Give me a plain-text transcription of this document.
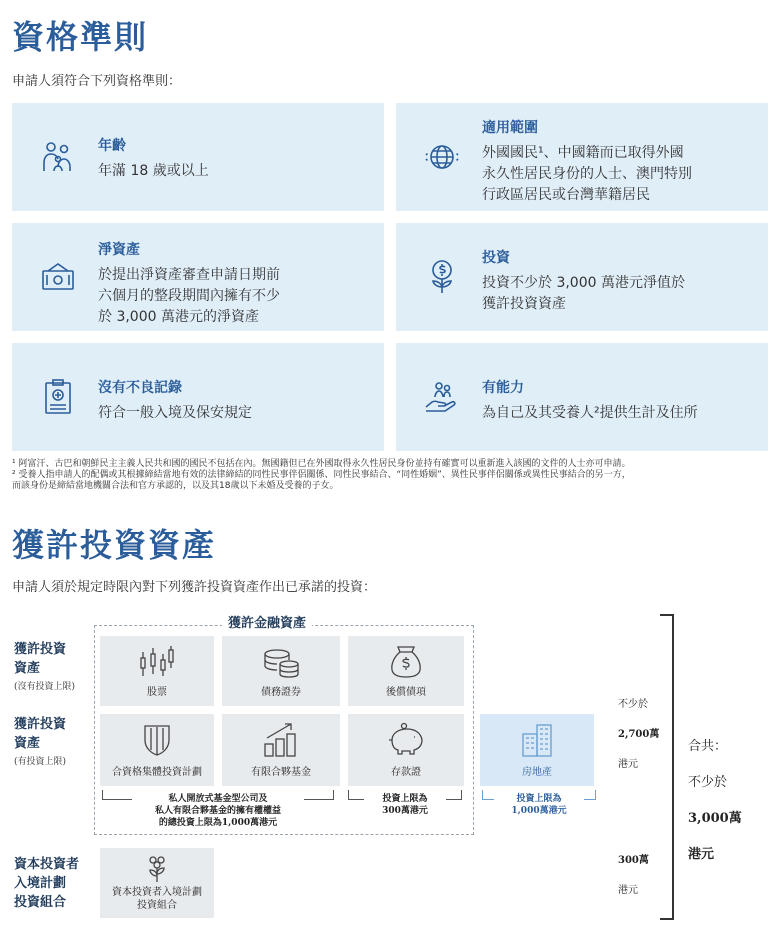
資格準則
申請人須符合下列資格準則：
年齡
年滿 18 歲或以上
適用範圍
外國國民¹、中國籍而已取得外國
永久性居民身份的人士、澳門特別
行政區居民或台灣華籍居民
淨資產
於提出淨資產審查申請日期前
六個月的整段期間內擁有不少
於 3,000 萬港元的淨資產
投資
投資不少於 3,000 萬港元淨值於
獲許投資資產
沒有不良記錄
符合一般入境及保安規定
有能力
為自己及其受養人²提供生計及住所
¹ 阿富汗、古巴和朝鮮民主主義人民共和國的國民不包括在內。無國籍但已在外國取得永久性居民身份並持有確實可以重新進入該國的文件的人士亦可申請。
² 受養人指申請人的配偶或其根據締結當地有效的法律締結的同性民事伴侶關係、同性民事結合、“同性婚姻”、異性民事伴侶關係或異性民事結合的另一方，
而該身份是締結當地機關合法和官方承認的，以及其18歲以下未婚及受養的子女。
獲許投資資產
申請人須於規定時限內對下列獲許投資資產作出已承諾的投資：
獲許金融資產
獲許投資
資產
(沒有投資上限)
獲許投資
資產
(有投資上限)
資本投資者
入境計劃
投資組合
股票	債務證券	後償債項
合資格集體投資計劃	有限合夥基金	存款證	房地產
私人開放式基金型公司及
私人有限合夥基金的擁有權權益
的總投資上限為1,000萬港元
投資上限為
300萬港元
投資上限為
1,000萬港元
資本投資者入境計劃
投資組合

不少於

2,700萬

港元

300萬

港元

合共：

不少於

3,000萬

港元
